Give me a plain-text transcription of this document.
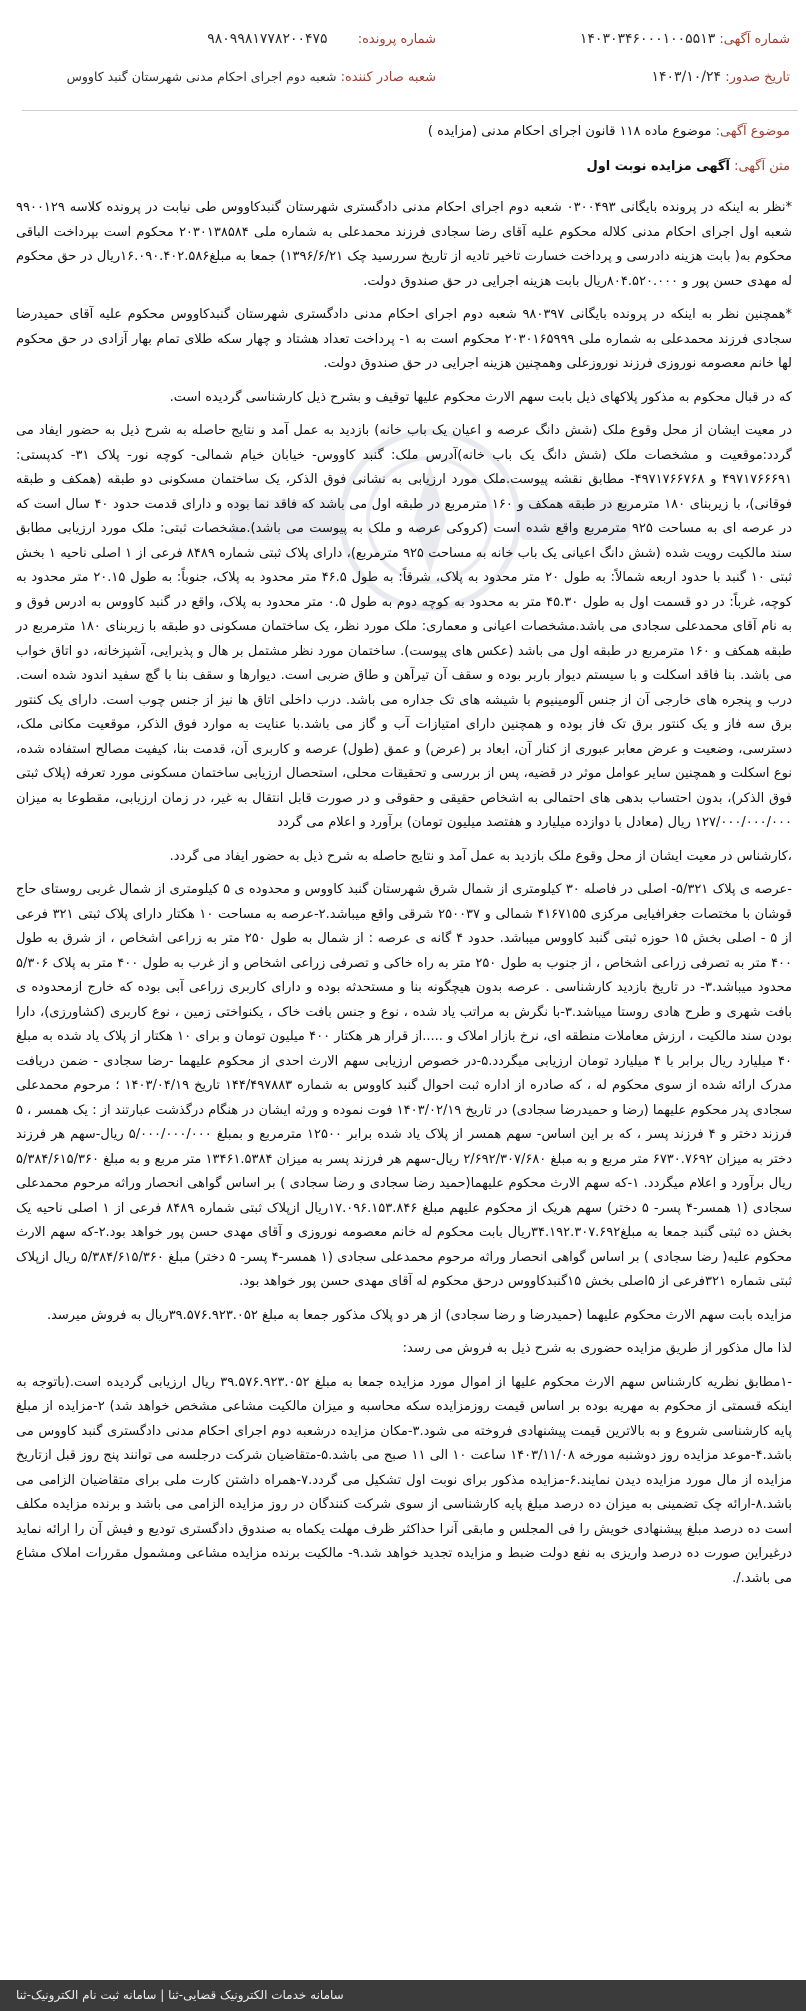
شماره آگهی: ۱۴۰۳۰۳۴۶۰۰۰۱۰۰۵۵۱۳
تاریخ صدور: ۱۴۰۳/۱۰/۲۴
شماره پرونده: ۹۸۰۹۹۸۱۷۷۸۲۰۰۴۷۵
شعبه صادر کننده: شعبه دوم اجرای احکام مدنی شهرستان گنبد کاووس
موضوع آگهی: موضوع ماده ۱۱۸ قانون اجرای احکام مدنی (مزایده )
متن آگهی: آگهی مزایده نوبت اول

*نظر به اینکه در پرونده بایگانی ۰۳۰۰۴۹۳ شعبه دوم اجرای احکام مدنی دادگستری شهرستان گنبدکاووس طی نیابت در پرونده کلاسه ۹۹۰۰۱۲۹ شعبه اول اجرای احکام مدنی کلاله محکوم علیه آقای رضا سجادی فرزند محمدعلی به شماره ملی ۲۰۳۰۱۳۸۵۸۴ محکوم است بپرداخت الباقی محکوم به( بابت هزینه دادرسی و پرداخت خسارت تاخیر تادیه از تاریخ سررسید چک ۱۳۹۶/۶/۲۱) جمعا به مبلغ۱۶.۰۹۰.۴۰۲.۵۸۶ریال در حق محکوم له مهدی حسن پور و ۸۰۴.۵۲۰.۰۰۰ریال بابت هزینه اجرایی در حق صندوق دولت.

*همچنین نظر به اینکه در پرونده بایگانی ۹۸۰۳۹۷ شعبه دوم اجرای احکام مدنی دادگستری شهرستان گنبدکاووس محکوم علیه آقای حمیدرضا سجادی فرزند محمدعلی به شماره ملی ۲۰۳۰۱۶۵۹۹۹ محکوم است به ۱- پرداخت تعداد هشتاد و چهار سکه طلای تمام بهار آزادی در حق محکوم لها خانم معصومه نوروزی فرزند نوروزعلی وهمچنین هزینه اجرایی در حق صندوق دولت.

که در قبال محکوم به مذکور پلاکهای ذیل بابت سهم الارث محکوم علیها توقیف و بشرح ذیل کارشناسی گردیده است.

در معیت ایشان از محل وقوع ملک (شش دانگ عرصه و اعیان یک باب خانه) بازدید به عمل آمد و نتایج حاصله به شرح ذیل به حضور ایفاد می گردد:موقعیت و مشخصات ملک (شش دانگ یک باب خانه)آدرس ملک: گنبد کاووس- خیابان خیام شمالی- کوچه نور- پلاک ۳۱- کدپستی: ۴۹۷۱۷۶۶۶۹۱ و ۴۹۷۱۷۶۶۷۶۸- مطابق نقشه پیوست.ملک مورد ارزیابی به نشانی فوق الذکر، یک ساختمان مسکونی دو طبقه (همکف و طبقه فوقانی)، با زیربنای ۱۸۰ مترمربع در طبقه همکف و ۱۶۰ مترمربع در طبقه اول می باشد که فاقد نما بوده و دارای قدمت حدود ۴۰ سال است که در عرصه ای به مساحت ۹۲۵ مترمربع واقع شده است (کروکی عرصه و ملک به پیوست می باشد).مشخصات ثبتی: ملک مورد ارزیابی مطابق سند مالکیت رویت شده (شش دانگ اعیانی یک باب خانه به مساحت ۹۲۵ مترمربع)، دارای پلاک ثبتی شماره ۸۴۸۹ فرعی از ۱ اصلی ناحیه ۱ بخش ثبتی ۱۰ گنبد با حدود اربعه شمالاً: به طول ۲۰ متر محدود به پلاک، شرقاً: به طول ۴۶.۵ متر محدود به پلاک، جنوباً: به طول ۲۰.۱۵ متر محدود به کوچه، غرباً: در دو قسمت اول به طول ۴۵.۳۰ متر به محدود به کوچه دوم به طول ۰.۵ متر محدود به پلاک، واقع در گنبد کاووس به ادرس فوق و به نام آقای محمدعلی سجادی می باشد.مشخصات اعیانی و معماری: ملک مورد نظر، یک ساختمان مسکونی دو طبقه با زیربنای ۱۸۰ مترمربع در طبقه همکف و ۱۶۰ مترمربع در طبقه اول می باشد (عکس های پیوست). ساختمان مورد نظر مشتمل بر هال و پذیرایی، آشپزخانه، دو اتاق خواب می باشد. بنا فاقد اسکلت و با سیستم دیوار باربر بوده و سقف آن تیرآهن و طاق ضربی است. دیوارها و سقف بنا با گچ سفید اندود شده است. درب و پنجره های خارجی آن از جنس آلومینیوم با شیشه های تک جداره می باشد. درب داخلی اتاق ها نیز از جنس چوب است. دارای یک کنتور برق سه فاز و یک کنتور برق تک فاز بوده و همچنین دارای امتیازات آب و گاز می باشد.با عنایت به موارد فوق الذکر، موقعیت مکانی ملک، دسترسی، وضعیت و عرض معابر عبوری از کنار آن، ابعاد بر (عرض) و عمق (طول) عرصه و کاربری آن، قدمت بنا، کیفیت مصالح استفاده شده، نوع اسکلت و همچنین سایر عوامل موثر در قضیه، پس از بررسی و تحقیقات محلی، استحصال ارزیابی ساختمان مسکونی مورد تعرفه (پلاک ثبتی فوق الذکر)، بدون احتساب بدهی های احتمالی به اشخاص حقیقی و حقوقی و در صورت قابل انتقال به غیر، در زمان ارزیابی، مقطوعا به میزان ۱۲۷/۰۰۰/۰۰۰/۰۰۰ ریال (معادل با دوازده میلیارد و هفتصد میلیون تومان) برآورد و اعلام می گردد

،کارشناس در معیت ایشان از محل وقوع ملک بازدید به عمل آمد و نتایج حاصله به شرح ذیل به حضور ایفاد می گردد.

-عرصه ی پلاک ۵/۳۲۱- اصلی در فاصله ۳۰ کیلومتری از شمال شرق شهرستان گنبد کاووس و محدوده ی ۵ کیلومتری از شمال غربی روستای حاج قوشان با مختصات جغرافیایی مرکزی ۴۱۶۷۱۵۵ شمالی و ۲۵۰۰۳۷ شرقی واقع میباشد.۲-عرصه به مساحت ۱۰ هکتار دارای پلاک ثبتی ۳۲۱ فرعی از ۵ - اصلی بخش ۱۵ حوزه ثبتی گنبد کاووس میباشد. حدود ۴ گانه ی عرصه : از شمال به طول ۲۵۰ متر به زراعی اشخاص ، از شرق به طول ۴۰۰ متر به تصرفی زراعی اشخاص ، از جنوب به طول ۲۵۰ متر به راه خاکی و تصرفی زراعی اشخاص و از غرب به طول ۴۰۰ متر به پلاک ۵/۳۰۶ محدود میباشد.۳- در تاریخ بازدید کارشناسی . عرصه بدون هیچگونه بنا و مستحدثه بوده و دارای کاربری زراعی آبی بوده که خارج ازمحدوده ی بافت شهری و طرح هادی روستا میباشد.۳-با نگرش به مراتب یاد شده ، نوع و جنس بافت خاک ، یکنواختی زمین ، نوع کاربری (کشاورزی)، دارا بودن سند مالکیت ، ارزش معاملات منطقه ای، نرخ بازار املاک و .....از قرار هر هکتار ۴۰۰ میلیون تومان و برای ۱۰ هکتار از پلاک یاد شده به مبلغ ۴۰ میلیارد ریال برابر با ۴ میلیارد تومان ارزیابی میگردد.۵-در خصوص ارزیابی سهم الارث احدی از محکوم علیهما -رضا سجادی - ضمن دریافت مدرک ارائه شده از سوی محکوم له ، که صادره از اداره ثبت احوال گنبد کاووس به شماره ۱۴۴/۴۹۷۸۸۳ تاریخ ۱۴۰۳/۰۴/۱۹ ؛ مرحوم محمدعلی سجادی پدر محکوم علیهما (رضا و حمیدرضا سجادی) در تاریخ ۱۴۰۳/۰۲/۱۹ فوت نموده و ورثه ایشان در هنگام درگذشت عبارتند از : یک همسر ، ۵ فرزند دختر و ۴ فرزند پسر ، که بر این اساس- سهم همسر از پلاک یاد شده برابر ۱۲۵۰۰ مترمربع و بمبلغ ۵/۰۰۰/۰۰۰/۰۰۰ ریال-سهم هر فرزند دختر به میزان ۶۷۳۰.۷۶۹۲ متر مربع و به مبلغ ۲/۶۹۲/۳۰۷/۶۸۰ ریال-سهم هر فرزند پسر به میزان ۱۳۴۶۱.۵۳۸۴ متر مربع و به مبلغ ۵/۳۸۴/۶۱۵/۳۶۰ ریال برآورد و اعلام میگردد. ۱-که سهم الارث محکوم علیهما(حمید رضا سجادی و رضا سجادی ) بر اساس گواهی انحصار وراثه مرحوم محمدعلی سجادی (۱ همسر-۴ پسر- ۵ دختر) سهم هریک از محکوم علیهم مبلغ ۱۷.۰۹۶.۱۵۳.۸۴۶ریال ازپلاک ثبتی شماره ۸۴۸۹ فرعی از ۱ اصلی ناحیه یک بخش ده ثبتی گنبد جمعا به مبلغ۳۴.۱۹۲.۳۰۷.۶۹۲ریال بابت محکوم له خانم معصومه نوروزی و آقای مهدی حسن پور خواهد بود.۲-که سهم الارث محکوم علیه( رضا سجادی ) بر اساس گواهی انحصار وراثه مرحوم محمدعلی سجادی (۱ همسر-۴ پسر- ۵ دختر) مبلغ ۵/۳۸۴/۶۱۵/۳۶۰ ریال ازپلاک ثبتی شماره ۳۲۱فرعی از ۵اصلی بخش ۱۵گنبدکاووس درحق محکوم له آقای مهدی حسن پور خواهد بود.

مزایده بابت سهم الارث محکوم علیهما (حمیدرضا و رضا سجادی) از هر دو پلاک مذکور جمعا به مبلغ ۳۹.۵۷۶.۹۲۳.۰۵۲ریال به فروش میرسد.

لذا مال مذکور از طریق مزایده حضوری به شرح ذیل به فروش می رسد:

-۱مطابق نظریه کارشناس سهم الارث محکوم علیها از اموال مورد مزایده جمعا به مبلغ ۳۹.۵۷۶.۹۲۳.۰۵۲ ریال ارزیابی گردیده است.(باتوجه به اینکه قسمتی از محکوم به مهریه بوده بر اساس قیمت روزمزایده سکه محاسبه و میزان مالکیت مشاعی مشخص خواهد شد) ۲-مزایده از مبلغ پایه کارشناسی شروع و به بالاترین قیمت پیشنهادی فروخته می شود.۳-مکان مزایده درشعبه دوم اجرای احکام مدنی دادگستری گنبد کاووس می باشد.۴-موعد مزایده روز دوشنبه مورخه ۱۴۰۳/۱۱/۰۸ ساعت ۱۰ الی ۱۱ صبح می باشد.۵-متقاضیان شرکت درجلسه می توانند پنج روز قبل ازتاریخ مزایده از مال مورد مزایده دیدن نمایند.۶-مزایده مذکور برای نوبت اول تشکیل می گردد.۷-همراه داشتن کارت ملی برای متقاضیان الزامی می باشد.۸-ارائه چک تضمینی به میزان ده درصد مبلغ پایه کارشناسی از سوی شرکت کنندگان در روز مزایده الزامی می باشد و برنده مزایده مکلف است ده درصد مبلغ پیشنهادی خویش را فی المجلس و مابقی آنرا حداکثر ظرف مهلت یکماه به صندوق دادگستری تودیع و فیش آن را ارائه نماید درغیراین صورت ده درصد واریزی به نفع دولت ضبط و مزایده تجدید خواهد شد.۹- مالکیت برنده مزایده مشاعی ومشمول مقررات املاک مشاع می باشد./.

سامانه خدمات الکترونیک قضایی-ثنا | سامانه ثبت نام الکترونیک-ثنا
